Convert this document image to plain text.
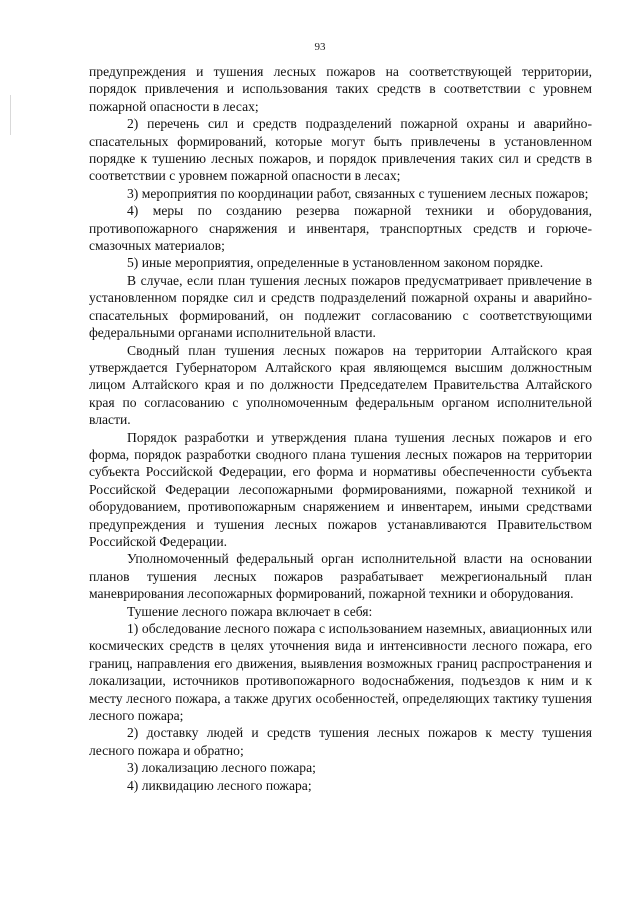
93

предупреждения и тушения лесных пожаров на соответствующей территории, порядок привлечения и использования таких средств в соответствии с уровнем пожарной опасности в лесах;

2) перечень сил и средств подразделений пожарной охраны и аварийно-спасательных формирований, которые могут быть привлечены в установленном порядке к тушению лесных пожаров, и порядок привлечения таких сил и средств в соответствии с уровнем пожарной опасности в лесах;

3) мероприятия по координации работ, связанных с тушением лесных пожаров;

4) меры по созданию резерва пожарной техники и оборудования, противопожарного снаряжения и инвентаря, транспортных средств и горюче-смазочных материалов;

5) иные мероприятия, определенные в установленном законом порядке.

В случае, если план тушения лесных пожаров предусматривает привлечение в установленном порядке сил и средств подразделений пожарной охраны и аварийно-спасательных формирований, он подлежит согласованию с соответствующими федеральными органами исполнительной власти.

Сводный план тушения лесных пожаров на территории Алтайского края утверждается Губернатором Алтайского края являющемся высшим должностным лицом Алтайского края и по должности Председателем Правительства Алтайского края по согласованию с уполномоченным федеральным органом исполнительной власти.

Порядок разработки и утверждения плана тушения лесных пожаров и его форма, порядок разработки сводного плана тушения лесных пожаров на территории субъекта Российской Федерации, его форма и нормативы обеспеченности субъекта Российской Федерации лесопожарными формированиями, пожарной техникой и оборудованием, противопожарным снаряжением и инвентарем, иными средствами предупреждения и тушения лесных пожаров устанавливаются Правительством Российской Федерации.

Уполномоченный федеральный орган исполнительной власти на основании планов тушения лесных пожаров разрабатывает межрегиональный план маневрирования лесопожарных формирований, пожарной техники и оборудования.

Тушение лесного пожара включает в себя:

1) обследование лесного пожара с использованием наземных, авиационных или космических средств в целях уточнения вида и интенсивности лесного пожара, его границ, направления его движения, выявления возможных границ распространения и локализации, источников противопожарного водоснабжения, подъездов к ним и к месту лесного пожара, а также других особенностей, определяющих тактику тушения лесного пожара;

2) доставку людей и средств тушения лесных пожаров к месту тушения лесного пожара и обратно;

3) локализацию лесного пожара;

4) ликвидацию лесного пожара;
